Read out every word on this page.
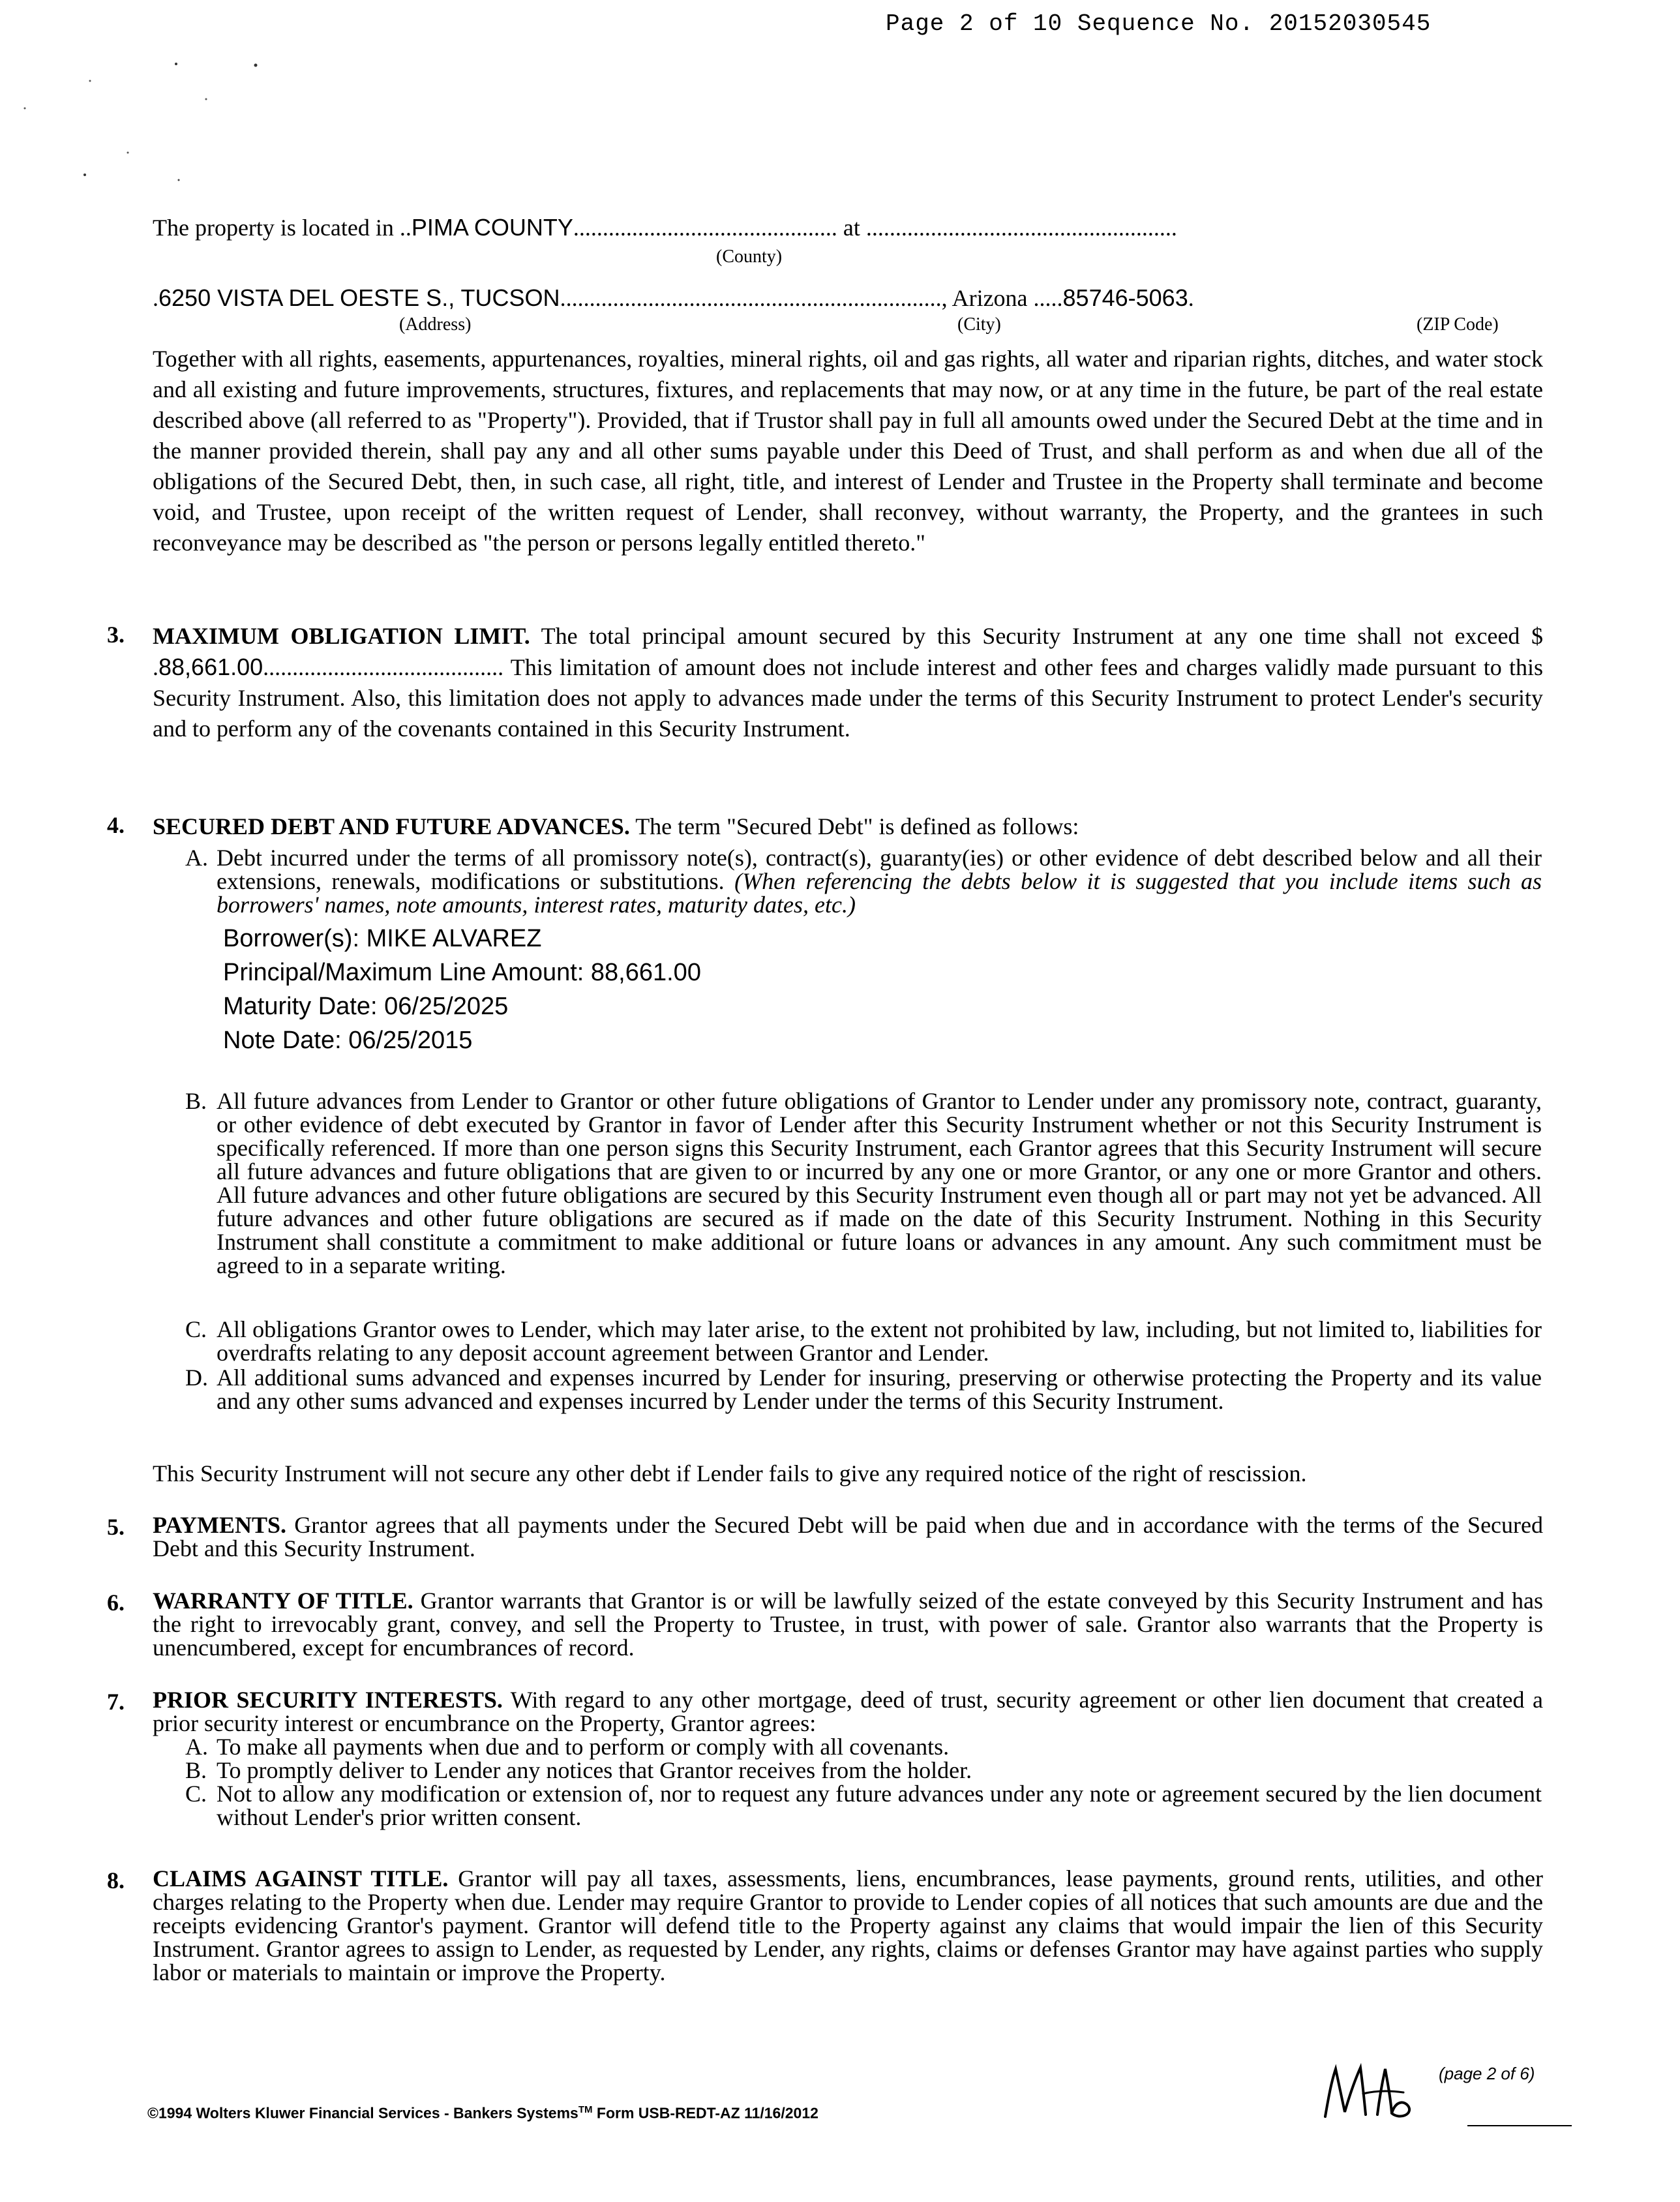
Page 2 of 10 Sequence No. 20152030545
The property is located in ..PIMA COUNTY............................................. at .....................................................
(County)
.6250 VISTA DEL OESTE S., TUCSON................................................................., Arizona .....85746-5063.
(Address)	(City)	(ZIP Code)
Together with all rights, easements, appurtenances, royalties, mineral rights, oil and gas rights, all water and riparian rights, ditches, and water stock and all existing and future improvements, structures, fixtures, and replacements that may now, or at any time in the future, be part of the real estate described above (all referred to as "Property"). Provided, that if Trustor shall pay in full all amounts owed under the Secured Debt at the time and in the manner provided therein, shall pay any and all other sums payable under this Deed of Trust, and shall perform as and when due all of the obligations of the Secured Debt, then, in such case, all right, title, and interest of Lender and Trustee in the Property shall terminate and become void, and Trustee, upon receipt of the written request of Lender, shall reconvey, without warranty, the Property, and the grantees in such reconveyance may be described as "the person or persons legally entitled thereto."
3. MAXIMUM OBLIGATION LIMIT. The total principal amount secured by this Security Instrument at any one time shall not exceed $ .88,661.00......................................... This limitation of amount does not include interest and other fees and charges validly made pursuant to this Security Instrument. Also, this limitation does not apply to advances made under the terms of this Security Instrument to protect Lender's security and to perform any of the covenants contained in this Security Instrument.
4. SECURED DEBT AND FUTURE ADVANCES. The term "Secured Debt" is defined as follows:
A. Debt incurred under the terms of all promissory note(s), contract(s), guaranty(ies) or other evidence of debt described below and all their extensions, renewals, modifications or substitutions. (When referencing the debts below it is suggested that you include items such as borrowers' names, note amounts, interest rates, maturity dates, etc.)
Borrower(s): MIKE ALVAREZ
Principal/Maximum Line Amount: 88,661.00
Maturity Date: 06/25/2025
Note Date: 06/25/2015
B. All future advances from Lender to Grantor or other future obligations of Grantor to Lender under any promissory note, contract, guaranty, or other evidence of debt executed by Grantor in favor of Lender after this Security Instrument whether or not this Security Instrument is specifically referenced. If more than one person signs this Security Instrument, each Grantor agrees that this Security Instrument will secure all future advances and future obligations that are given to or incurred by any one or more Grantor, or any one or more Grantor and others. All future advances and other future obligations are secured by this Security Instrument even though all or part may not yet be advanced. All future advances and other future obligations are secured as if made on the date of this Security Instrument. Nothing in this Security Instrument shall constitute a commitment to make additional or future loans or advances in any amount. Any such commitment must be agreed to in a separate writing.
C. All obligations Grantor owes to Lender, which may later arise, to the extent not prohibited by law, including, but not limited to, liabilities for overdrafts relating to any deposit account agreement between Grantor and Lender.
D. All additional sums advanced and expenses incurred by Lender for insuring, preserving or otherwise protecting the Property and its value and any other sums advanced and expenses incurred by Lender under the terms of this Security Instrument.
This Security Instrument will not secure any other debt if Lender fails to give any required notice of the right of rescission.
5. PAYMENTS. Grantor agrees that all payments under the Secured Debt will be paid when due and in accordance with the terms of the Secured Debt and this Security Instrument.
6. WARRANTY OF TITLE. Grantor warrants that Grantor is or will be lawfully seized of the estate conveyed by this Security Instrument and has the right to irrevocably grant, convey, and sell the Property to Trustee, in trust, with power of sale. Grantor also warrants that the Property is unencumbered, except for encumbrances of record.
7. PRIOR SECURITY INTERESTS. With regard to any other mortgage, deed of trust, security agreement or other lien document that created a prior security interest or encumbrance on the Property, Grantor agrees:
A. To make all payments when due and to perform or comply with all covenants.
B. To promptly deliver to Lender any notices that Grantor receives from the holder.
C. Not to allow any modification or extension of, nor to request any future advances under any note or agreement secured by the lien document without Lender's prior written consent.
8. CLAIMS AGAINST TITLE. Grantor will pay all taxes, assessments, liens, encumbrances, lease payments, ground rents, utilities, and other charges relating to the Property when due. Lender may require Grantor to provide to Lender copies of all notices that such amounts are due and the receipts evidencing Grantor's payment. Grantor will defend title to the Property against any claims that would impair the lien of this Security Instrument. Grantor agrees to assign to Lender, as requested by Lender, any rights, claims or defenses Grantor may have against parties who supply labor or materials to maintain or improve the Property.
©1994 Wolters Kluwer Financial Services - Bankers Systems™ Form USB-REDT-AZ 11/16/2012
(page 2 of 6)
